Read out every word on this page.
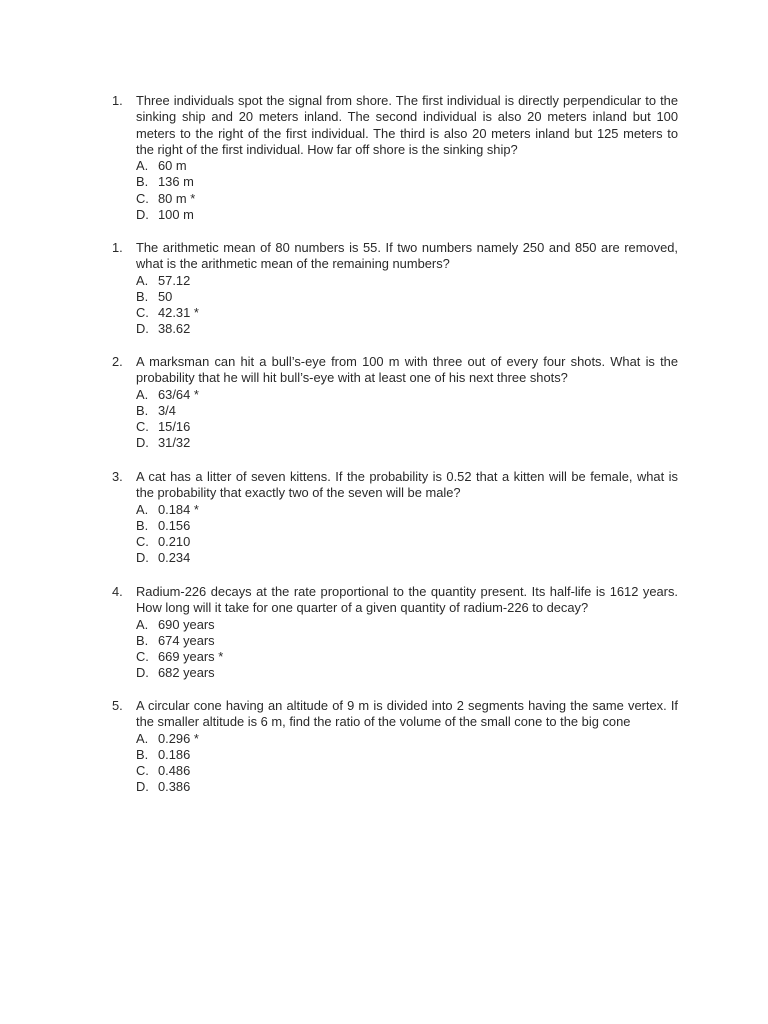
1.	Three individuals spot the signal from shore. The first individual is directly perpendicular to the sinking ship and 20 meters inland. The second individual is also 20 meters inland but 100 meters to the right of the first individual. The third is also 20 meters inland but 125 meters to the right of the first individual. How far off shore is the sinking ship?
A. 60 m
B. 136 m
C. 80 m *
D. 100 m
1.	The arithmetic mean of 80 numbers is 55. If two numbers namely 250 and 850 are removed, what is the arithmetic mean of the remaining numbers?
A. 57.12
B. 50
C. 42.31 *
D. 38.62
2.	A marksman can hit a bull’s-eye from 100 m with three out of every four shots. What is the probability that he will hit bull’s-eye with at least one of his next three shots?
A. 63/64 *
B. 3/4
C. 15/16
D. 31/32
3.	A cat has a litter of seven kittens. If the probability is 0.52 that a kitten will be female, what is the probability that exactly two of the seven will be male?
A. 0.184 *
B. 0.156
C. 0.210
D. 0.234
4.	Radium-226 decays at the rate proportional to the quantity present. Its half-life is 1612 years. How long will it take for one quarter of a given quantity of radium-226 to decay?
A. 690 years
B. 674 years
C. 669 years *
D. 682 years
5.	A circular cone having an altitude of 9 m is divided into 2 segments having the same vertex. If the smaller altitude is 6 m, find the ratio of the volume of the small cone to the big cone
A. 0.296 *
B. 0.186
C. 0.486
D. 0.386
